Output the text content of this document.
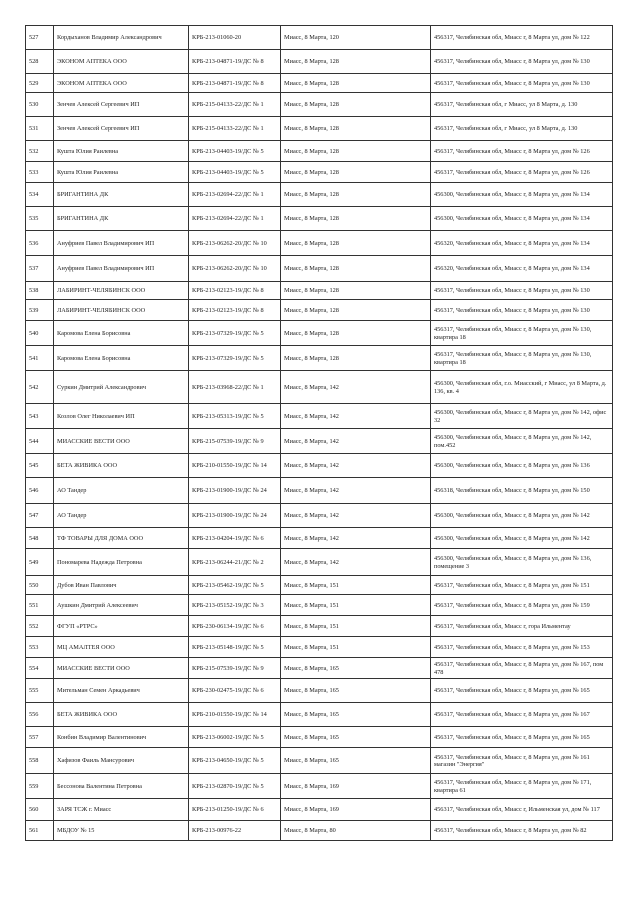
527	Кордыханов Владимир Александрович	КРБ-213-01060-20	Миасс, 8 Марта, 120	456317, Челябинская обл, Миасс г, 8 Марта ул, дом № 122
528	ЭКОНОМ АПТЕКА ООО	КРБ-213-04871-19/ДС № 8	Миасс, 8 Марта, 128	456317, Челябинская обл, Миасс г, 8 Марта ул, дом № 130
529	ЭКОНОМ АПТЕКА ООО	КРБ-213-04871-19/ДС № 8	Миасс, 8 Марта, 128	456317, Челябинская обл, Миасс г, 8 Марта ул, дом № 130
530	Зенчев Алексей Сергеевич ИП	КРБ-215-04133-22/ДС № 1	Миасс, 8 Марта, 128	456317, Челябинская обл, г Миасс, ул 8 Марта, д. 130
531	Зенчев Алексей Сергеевич ИП	КРБ-215-04133-22/ДС № 1	Миасс, 8 Марта, 128	456317, Челябинская обл, г Миасс, ул 8 Марта, д. 130
532	Кушта Юлия Раилевна	КРБ-213-04403-19/ДС № 5	Миасс, 8 Марта, 128	456317, Челябинская обл, Миасс г, 8 Марта ул, дом № 126
533	Кушта Юлия Раилевна	КРБ-213-04403-19/ДС № 5	Миасс, 8 Марта, 128	456317, Челябинская обл, Миасс г, 8 Марта ул, дом № 126
534	БРИГАНТИНА ДК	КРБ-213-02694-22/ДС № 1	Миасс, 8 Марта, 128	456300, Челябинская обл, Миасс г, 8 Марта ул, дом № 134
535	БРИГАНТИНА ДК	КРБ-213-02694-22/ДС № 1	Миасс, 8 Марта, 128	456300, Челябинская обл, Миасс г, 8 Марта ул, дом № 134
536	Ануфриев Павел Владимирович ИП	КРБ-213-06262-20/ДС № 10	Миасс, 8 Марта, 128	456320, Челябинская обл, Миасс г, 8 Марта ул, дом № 134
537	Ануфриев Павел Владимирович ИП	КРБ-213-06262-20/ДС № 10	Миасс, 8 Марта, 128	456320, Челябинская обл, Миасс г, 8 Марта ул, дом № 134
538	ЛАБИРИНТ-ЧЕЛЯБИНСК ООО	КРБ-213-02123-19/ДС № 8	Миасс, 8 Марта, 128	456317, Челябинская обл, Миасс г, 8 Марта ул, дом № 130
539	ЛАБИРИНТ-ЧЕЛЯБИНСК ООО	КРБ-213-02123-19/ДС № 8	Миасс, 8 Марта, 128	456317, Челябинская обл, Миасс г, 8 Марта ул, дом № 130
540	Каромова Елена Борисовна	КРБ-213-07329-19/ДС № 5	Миасс, 8 Марта, 128	456317, Челябинская обл, Миасс г, 8 Марта ул, дом № 130, квартира 18
541	Каромова Елена Борисовна	КРБ-213-07329-19/ДС № 5	Миасс, 8 Марта, 128	456317, Челябинская обл, Миасс г, 8 Марта ул, дом № 130, квартира 18
542	Суркин Дмитрий Александрович	КРБ-213-03968-22/ДС № 1	Миасс, 8 Марта, 142	456300, Челябинская обл, г.о. Миасский, г Миасс, ул 8 Марта, д. 136, кв. 4
543	Козлов Олег Николаевич ИП	КРБ-213-05313-19/ДС № 5	Миасс, 8 Марта, 142	456300, Челябинская обл, Миасс г, 8 Марта ул, дом № 142, офис 32
544	МИАССКИЕ ВЕСТИ ООО	КРБ-215-07539-19/ДС № 9	Миасс, 8 Марта, 142	456300, Челябинская обл, Миасс г, 8 Марта ул, дом № 142, пом.452
545	БЕТА ЖИВИКА ООО	КРБ-210-01550-19/ДС № 14	Миасс, 8 Марта, 142	456300, Челябинская обл, Миасс г, 8 Марта ул, дом № 136
546	АО Тандер	КРБ-213-01900-19/ДС № 24	Миасс, 8 Марта, 142	456318, Челябинская обл, Миасс г, 8 Марта ул, дом № 150
547	АО Тандер	КРБ-213-01900-19/ДС № 24	Миасс, 8 Марта, 142	456300, Челябинская обл, Миасс г, 8 Марта ул, дом № 142
548	ТФ ТОВАРЫ ДЛЯ ДОМА ООО	КРБ-213-04204-19/ДС № 6	Миасс, 8 Марта, 142	456300, Челябинская обл, Миасс г, 8 Марта ул, дом № 142
549	Пономарева Надежда Петровна	КРБ-213-06244-21/ДС № 2	Миасс, 8 Марта, 142	456300, Челябинская обл, Миасс г, 8 Марта ул, дом № 136, помещение 3
550	Дубов Иван Павлович	КРБ-213-05462-19/ДС № 5	Миасс, 8 Марта, 151	456317, Челябинская обл, Миасс г, 8 Марта ул, дом № 151
551	Аушкин Дмитрий Алексеевич	КРБ-213-05152-19/ДС № 3	Миасс, 8 Марта, 151	456317, Челябинская обл, Миасс г, 8 Марта ул, дом № 159
552	ФГУП «РТРС»	КРБ-230-06134-19/ДС № 6	Миасс, 8 Марта, 151	456317, Челябинская обл, Миасс г, гора Ильментау
553	МЦ АМАЛТЕЯ ООО	КРБ-213-05148-19/ДС № 5	Миасс, 8 Марта, 151	456317, Челябинская обл, Миасс г, 8 Марта ул, дом № 153
554	МИАССКИЕ ВЕСТИ ООО	КРБ-215-07539-19/ДС № 9	Миасс, 8 Марта, 165	456317, Челябинская обл, Миасс г, 8 Марта ул, дом № 167, пом 478
555	Мительман Семен Аркадьевич	КРБ-230-02475-19/ДС № 6	Миасс, 8 Марта, 165	456317, Челябинская обл, Миасс г, 8 Марта ул, дом № 165
556	БЕТА ЖИВИКА ООО	КРБ-210-01550-19/ДС № 14	Миасс, 8 Марта, 165	456317, Челябинская обл, Миасс г, 8 Марта ул, дом № 167
557	Конбин Владимир Валентинович	КРБ-213-06002-19/ДС № 5	Миасс, 8 Марта, 165	456317, Челябинская обл, Миасс г, 8 Марта ул, дом № 165
558	Хафизов Фаиль Мансурович	КРБ-213-04650-19/ДС № 5	Миасс, 8 Марта, 165	456317, Челябинская обл, Миасс г, 8 Марта ул, дом № 161 магазин "Энергия"
559	Бессонова Валентина Петровна	КРБ-213-02870-19/ДС № 5	Миасс, 8 Марта, 169	456317, Челябинская обл, Миасс г, 8 Марта ул, дом № 171, квартира 61
560	ЗАРЯ ТСЖ г. Миасс	КРБ-213-01250-19/ДС № 6	Миасс, 8 Марта, 169	456317, Челябинская обл, Миасс г, Ильменская ул, дом № 117
561	МБДОУ № 15	КРБ-213-00976-22	Миасс, 8 Марта, 80	456317, Челябинская обл, Миасс г, 8 Марта ул, дом № 82
